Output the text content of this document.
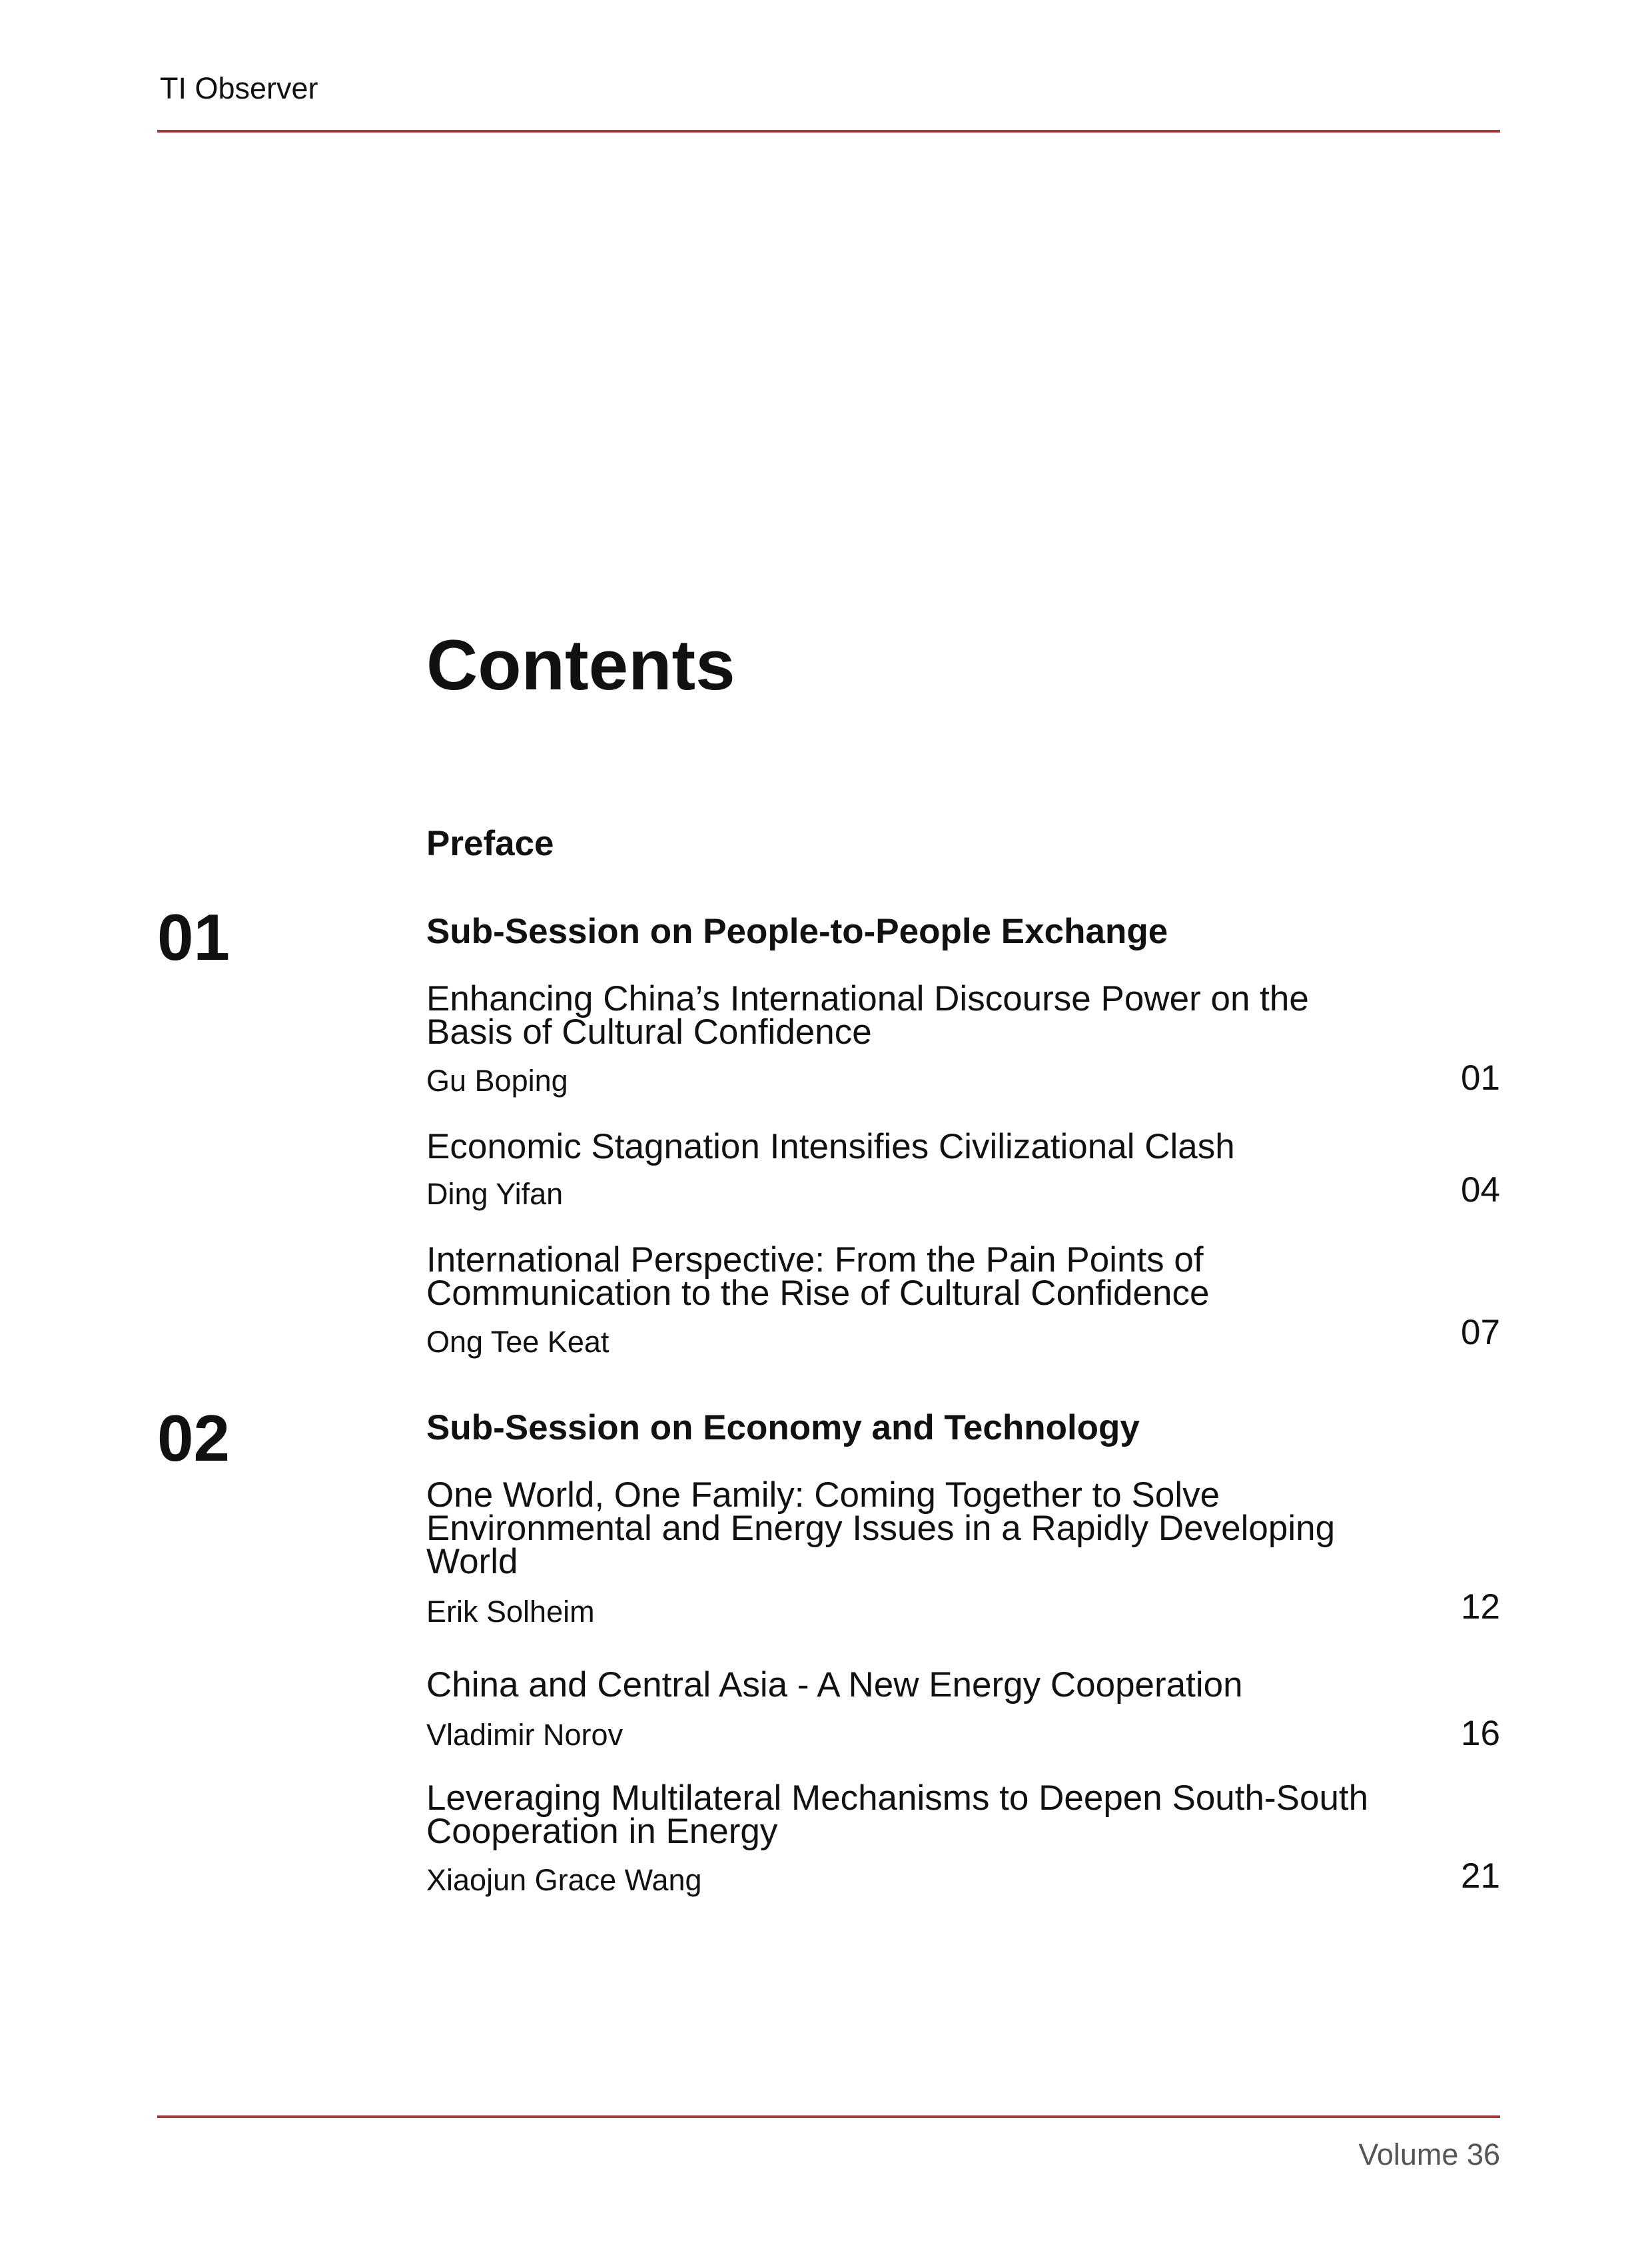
TI Observer
Contents
Preface
01	Sub-Session on People-to-People Exchange
Enhancing China’s International Discourse Power on the Basis of Cultural Confidence
Gu Boping	01
Economic Stagnation Intensifies Civilizational Clash
Ding Yifan	04
International Perspective: From the Pain Points of Communication to the Rise of Cultural Confidence
Ong Tee Keat	07
02	Sub-Session on Economy and Technology
One World, One Family: Coming Together to Solve Environmental and Energy Issues in a Rapidly Developing World
Erik Solheim	12
China and Central Asia - A New Energy Cooperation
Vladimir Norov	16
Leveraging Multilateral Mechanisms to Deepen South-South Cooperation in Energy
Xiaojun Grace Wang	21
Volume 36
